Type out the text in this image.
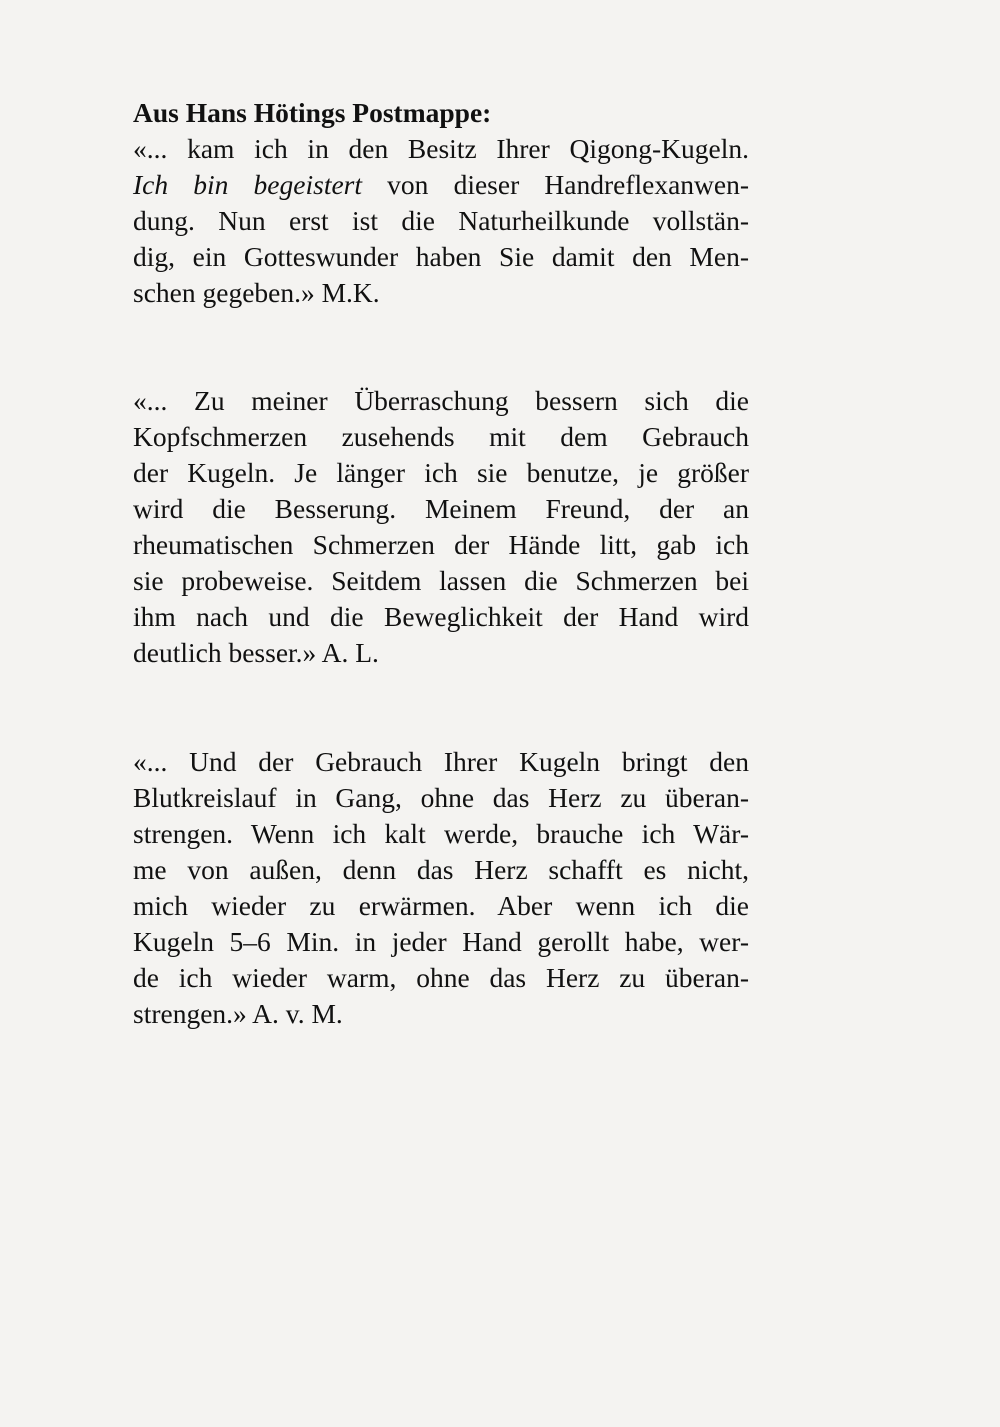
Aus Hans Hötings Postmappe:
«... kam ich in den Besitz Ihrer Qigong-Kugeln.
Ich bin begeistert von dieser Handreflexanwen-
dung. Nun erst ist die Naturheilkunde vollstän-
dig, ein Gotteswunder haben Sie damit den Men-
schen gegeben.» M.K.
«... Zu meiner Überraschung bessern sich die
Kopfschmerzen zusehends mit dem Gebrauch
der Kugeln. Je länger ich sie benutze, je größer
wird die Besserung. Meinem Freund, der an
rheumatischen Schmerzen der Hände litt, gab ich
sie probeweise. Seitdem lassen die Schmerzen bei
ihm nach und die Beweglichkeit der Hand wird
deutlich besser.» A. L.
«... Und der Gebrauch Ihrer Kugeln bringt den
Blutkreislauf in Gang, ohne das Herz zu überan-
strengen. Wenn ich kalt werde, brauche ich Wär-
me von außen, denn das Herz schafft es nicht,
mich wieder zu erwärmen. Aber wenn ich die
Kugeln 5–6 Min. in jeder Hand gerollt habe, wer-
de ich wieder warm, ohne das Herz zu überan-
strengen.» A. v. M.
